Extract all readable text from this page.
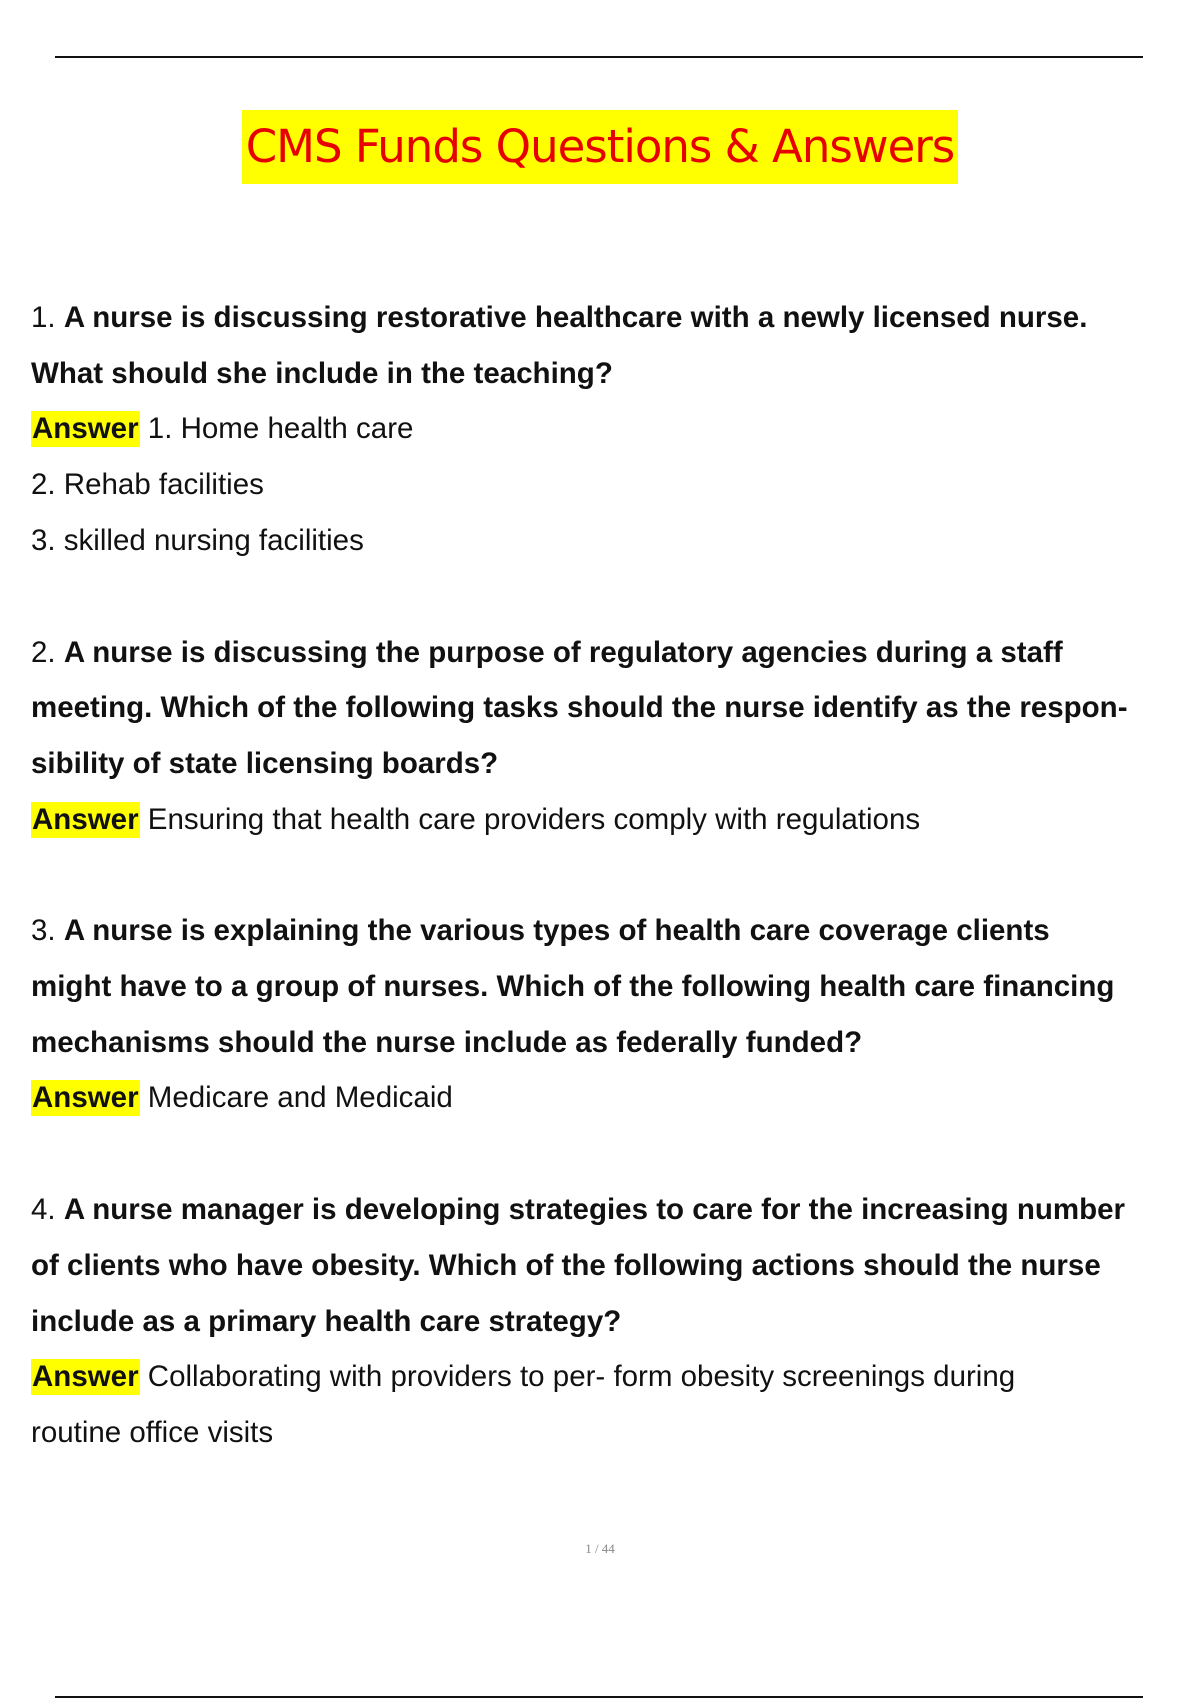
CMS Funds Questions & Answers
1. A nurse is discussing restorative healthcare with a newly licensed nurse.
What should she include in the teaching?
Answer 1. Home health care
2. Rehab facilities
3. skilled nursing facilities
2. A nurse is discussing the purpose of regulatory agencies during a staff
meeting. Which of the following tasks should the nurse identify as the respon-
sibility of state licensing boards?
Answer Ensuring that health care providers comply with regulations
3. A nurse is explaining the various types of health care coverage clients
might have to a group of nurses. Which of the following health care financing
mechanisms should the nurse include as federally funded?
Answer Medicare and Medicaid
4. A nurse manager is developing strategies to care for the increasing number
of clients who have obesity. Which of the following actions should the nurse
include as a primary health care strategy?
Answer Collaborating with providers to per- form obesity screenings during
routine office visits
1 / 44
